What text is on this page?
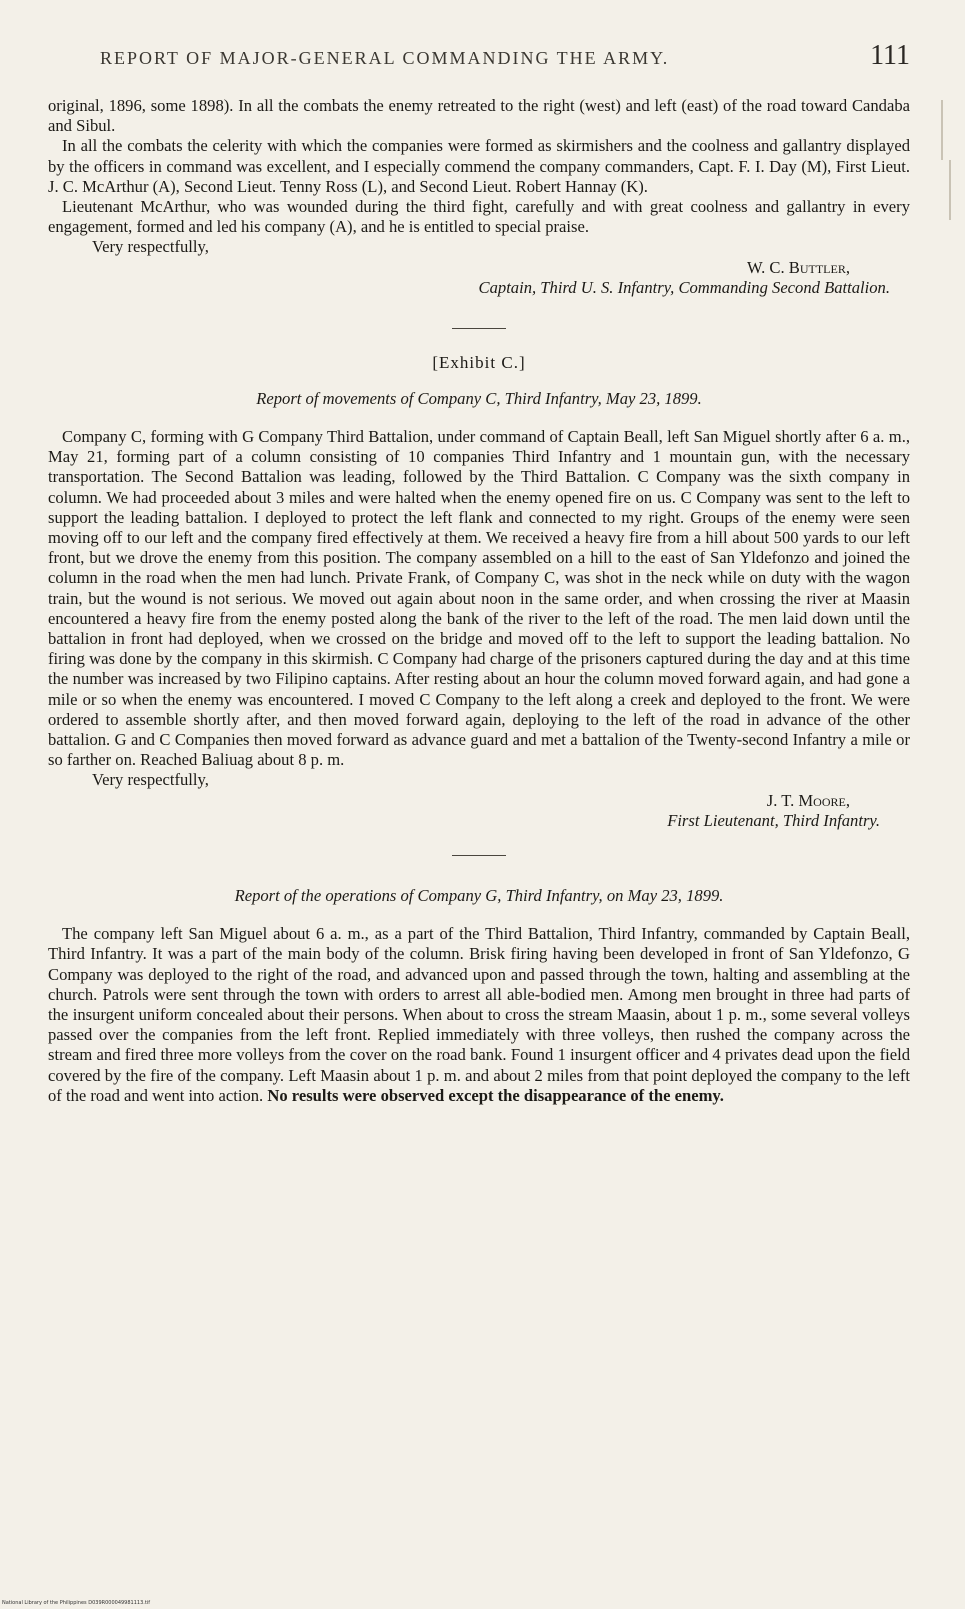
REPORT OF MAJOR-GENERAL COMMANDING THE ARMY.	111

original, 1896, some 1898). In all the combats the enemy retreated to the right (west) and left (east) of the road toward Candaba and Sibul.

In all the combats the celerity with which the companies were formed as skirmishers and the coolness and gallantry displayed by the officers in command was excellent, and I especially commend the company commanders, Capt. F. I. Day (M), First Lieut. J. C. McArthur (A), Second Lieut. Tenny Ross (L), and Second Lieut. Robert Hannay (K).

Lieutenant McArthur, who was wounded during the third fight, carefully and with great coolness and gallantry in every engagement, formed and led his company (A), and he is entitled to special praise.

Very respectfully,

W. C. Buttler,
Captain, Third U. S. Infantry, Commanding Second Battalion.
[Exhibit C.]
Report of movements of Company C, Third Infantry, May 23, 1899.

Company C, forming with G Company Third Battalion, under command of Captain Beall, left San Miguel shortly after 6 a. m., May 21, forming part of a column consisting of 10 companies Third Infantry and 1 mountain gun, with the necessary transportation. The Second Battalion was leading, followed by the Third Battalion. C Company was the sixth company in column. We had proceeded about 3 miles and were halted when the enemy opened fire on us. C Company was sent to the left to support the leading battalion. I deployed to protect the left flank and connected to my right. Groups of the enemy were seen moving off to our left and the company fired effectively at them. We received a heavy fire from a hill about 500 yards to our left front, but we drove the enemy from this position. The company assembled on a hill to the east of San Yldefonzo and joined the column in the road when the men had lunch. Private Frank, of Company C, was shot in the neck while on duty with the wagon train, but the wound is not serious. We moved out again about noon in the same order, and when crossing the river at Maasin encountered a heavy fire from the enemy posted along the bank of the river to the left of the road. The men laid down until the battalion in front had deployed, when we crossed on the bridge and moved off to the left to support the leading battalion. No firing was done by the company in this skirmish. C Company had charge of the prisoners captured during the day and at this time the number was increased by two Filipino captains. After resting about an hour the column moved forward again, and had gone a mile or so when the enemy was encountered. I moved C Company to the left along a creek and deployed to the front. We were ordered to assemble shortly after, and then moved forward again, deploying to the left of the road in advance of the other battalion. G and C Companies then moved forward as advance guard and met a battalion of the Twenty-second Infantry a mile or so farther on. Reached Baliuag about 8 p. m.

Very respectfully,

J. T. Moore,
First Lieutenant, Third Infantry.
Report of the operations of Company G, Third Infantry, on May 23, 1899.

The company left San Miguel about 6 a. m., as a part of the Third Battalion, Third Infantry, commanded by Captain Beall, Third Infantry. It was a part of the main body of the column. Brisk firing having been developed in front of San Yldefonzo, G Company was deployed to the right of the road, and advanced upon and passed through the town, halting and assembling at the church. Patrols were sent through the town with orders to arrest all able-bodied men. Among men brought in three had parts of the insurgent uniform concealed about their persons. When about to cross the stream Maasin, about 1 p. m., some several volleys passed over the companies from the left front. Replied immediately with three volleys, then rushed the company across the stream and fired three more volleys from the cover on the road bank. Found 1 insurgent officer and 4 privates dead upon the field covered by the fire of the company. Left Maasin about 1 p. m. and about 2 miles from that point deployed the company to the left of the road and went into action. No results were observed except the disappearance of the enemy.

National Library of the Philippines D039R000049981113.tif
